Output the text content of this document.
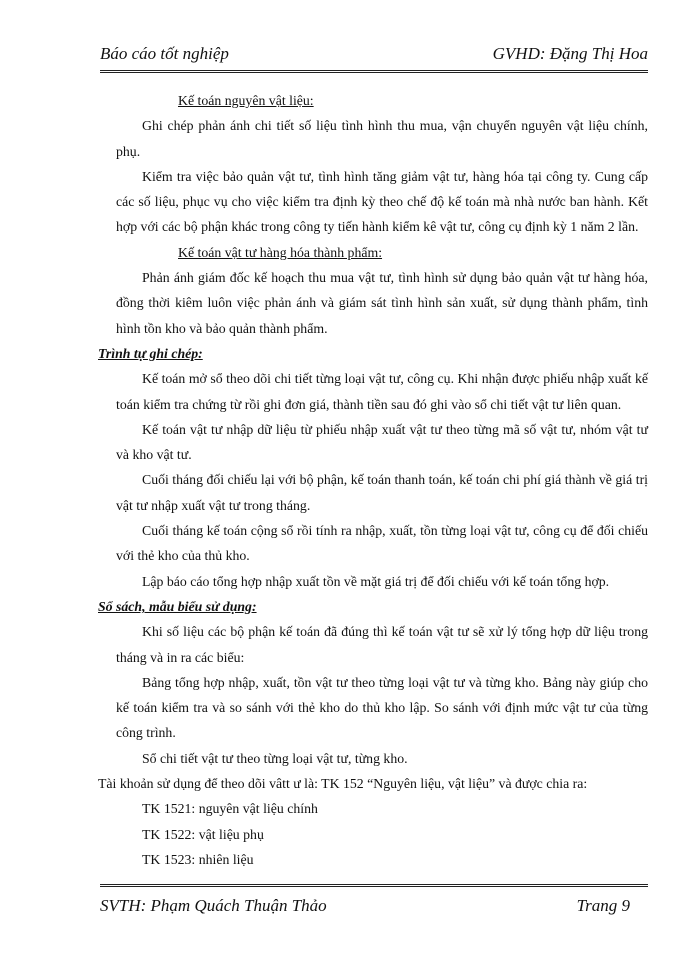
Báo cáo tốt nghiệp	GVHD: Đặng Thị Hoa

Kế toán nguyên vật liệu:

Ghi chép phản ánh chi tiết số liệu tình hình thu mua, vận chuyển nguyên vật liệu chính, phụ.

Kiểm tra việc bảo quản vật tư, tình hình tăng giảm vật tư, hàng hóa tại công ty. Cung cấp các số liệu, phục vụ cho việc kiểm tra định kỳ theo chế độ kế toán mà nhà nước ban hành. Kết hợp với các bộ phận khác trong công ty tiến hành kiểm kê vật tư, công cụ định kỳ 1 năm 2 lần.

Kế toán vật tư hàng hóa thành phẩm:

Phản ánh giám đốc kế hoạch thu mua vật tư, tình hình sử dụng bảo quản vật tư hàng hóa, đồng thời kiêm luôn việc phản ánh và giám sát tình hình sản xuất, sử dụng thành phẩm, tình hình tồn kho và bảo quản thành phẩm.

Trình tự ghi chép:

Kế toán mở sổ theo dõi chi tiết từng loại vật tư, công cụ. Khi nhận được phiếu nhập xuất kế toán kiểm tra chứng từ rồi ghi đơn giá, thành tiền sau đó ghi vào sổ chi tiết vật tư liên quan.

Kế toán vật tư nhập dữ liệu từ phiếu nhập xuất vật tư theo từng mã số vật tư, nhóm vật tư và kho vật tư.

Cuối tháng đối chiếu lại với bộ phận, kế toán thanh toán, kế toán chi phí giá thành về giá trị vật tư nhập xuất vật tư trong tháng.

Cuối tháng kế toán cộng sổ rồi tính ra nhập, xuất, tồn từng loại vật tư, công cụ để đối chiếu với thẻ kho của thủ kho.

Lập báo cáo tổng hợp nhập xuất tồn về mặt giá trị để đối chiếu với kế toán tổng hợp.

Sổ sách, mẫu biểu sử dụng:

Khi số liệu các bộ phận kế toán đã đúng thì kế toán vật tư sẽ xử lý tổng hợp dữ liệu trong tháng và in ra các biểu:

Bảng tổng hợp nhập, xuất, tồn vật tư theo từng loại vật tư và từng kho. Bảng này giúp cho kế toán kiểm tra và so sánh với thẻ kho do thủ kho lập. So sánh với định mức vật tư của từng công trình.

Sổ chi tiết vật tư theo từng loại vật tư, từng kho.

Tài khoản sử dụng để theo dõi vâtt ư là: TK 152 “Nguyên liệu, vật liệu” và được chia ra:

TK 1521: nguyên vật liệu chính

TK 1522: vật liệu phụ

TK 1523: nhiên liệu

SVTH: Phạm Quách Thuận Thảo	Trang 9
